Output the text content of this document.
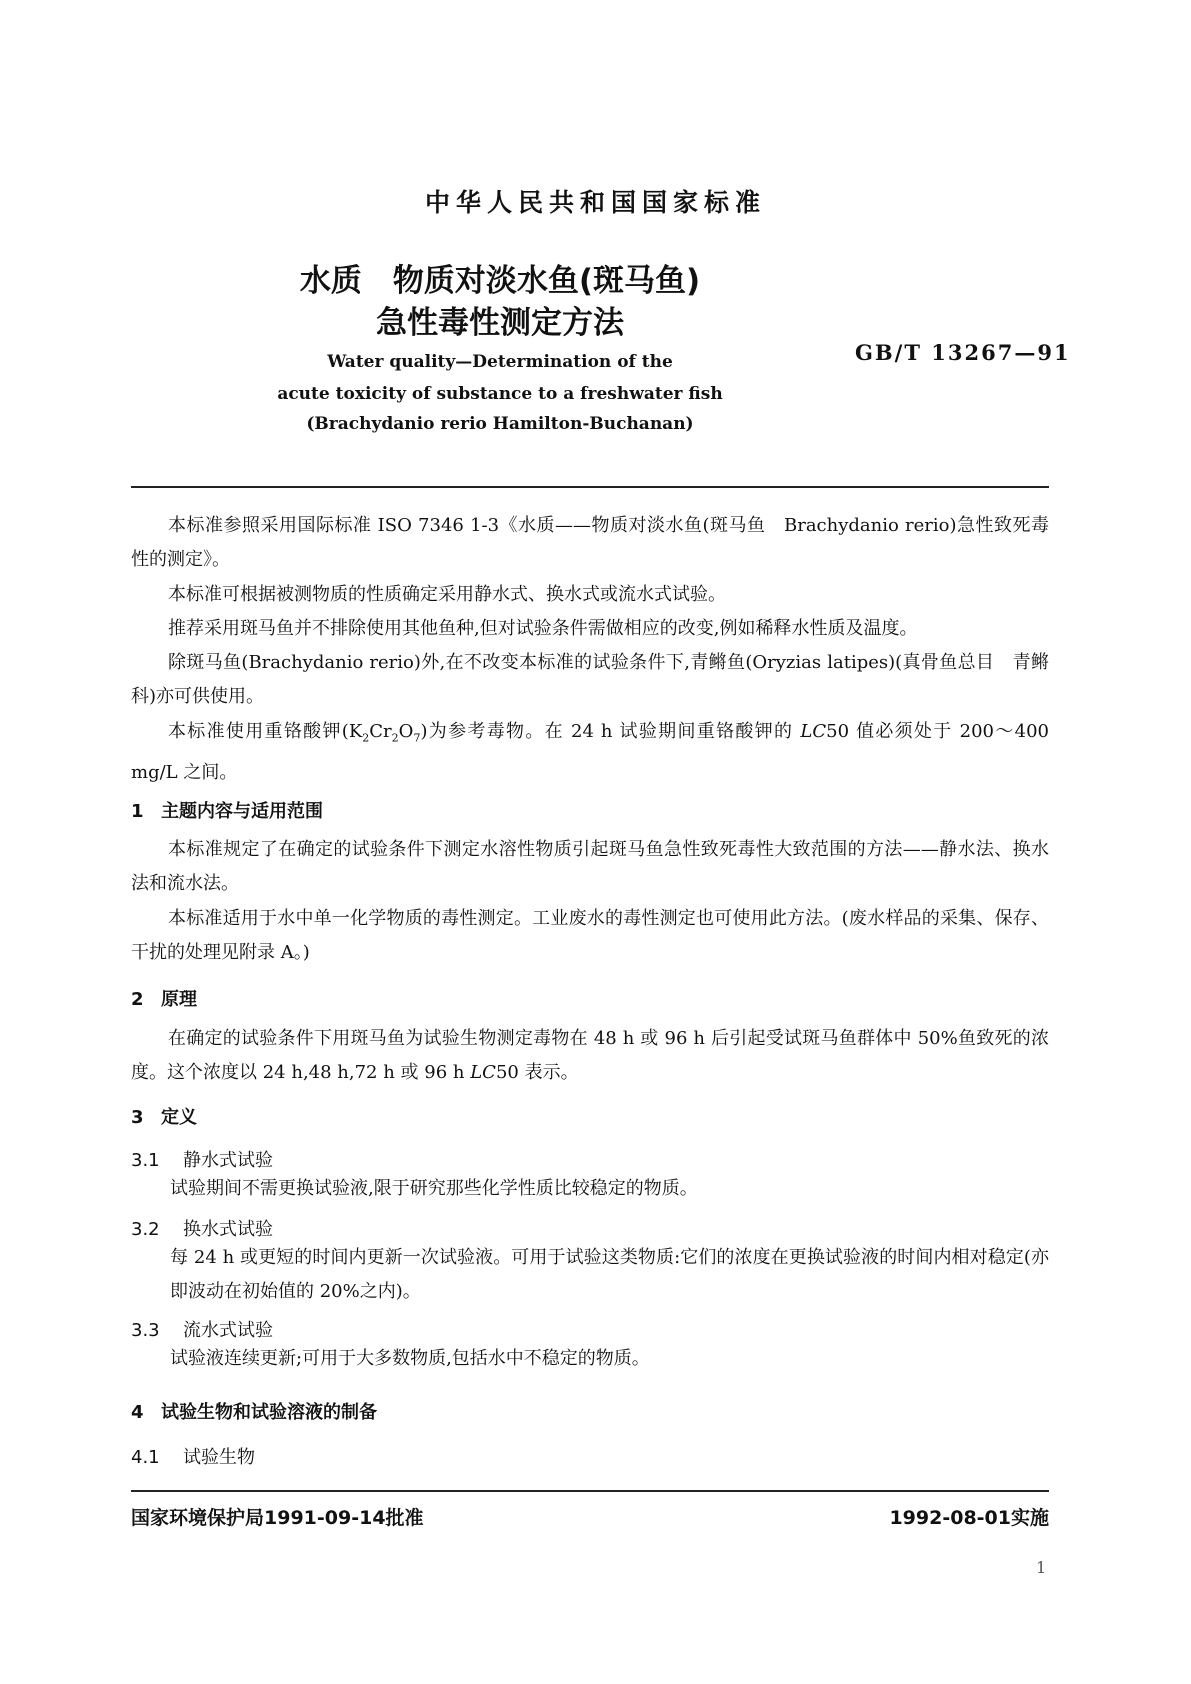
中华人民共和国国家标准
水质　物质对淡水鱼(斑马鱼)
急性毒性测定方法
GB/T 13267—91
Water quality—Determination of the
acute toxicity of substance to a freshwater fish
(Brachydanio rerio Hamilton-Buchanan)
本标准参照采用国际标准 ISO 7346 1-3《水质——物质对淡水鱼(斑马鱼　Brachydanio rerio)急性致死毒性的测定》。
本标准可根据被测物质的性质确定采用静水式、换水式或流水式试验。
推荐采用斑马鱼并不排除使用其他鱼种,但对试验条件需做相应的改变,例如稀释水性质及温度。
除斑马鱼(Brachydanio rerio)外,在不改变本标准的试验条件下,青鳉鱼(Oryzias latipes)(真骨鱼总目　青鳉科)亦可供使用。
本标准使用重铬酸钾$(K_2Cr_2O_7)$为参考毒物。在 24 h 试验期间重铬酸钾的 LC50 值必须处于 200～400 mg/L 之间。
1 主题内容与适用范围
本标准规定了在确定的试验条件下测定水溶性物质引起斑马鱼急性致死毒性大致范围的方法——静水法、换水法和流水法。
本标准适用于水中单一化学物质的毒性测定。工业废水的毒性测定也可使用此方法。(废水样品的采集、保存、干扰的处理见附录 A。)
2 原理
在确定的试验条件下用斑马鱼为试验生物测定毒物在 48 h 或 96 h 后引起受试斑马鱼群体中 50%鱼致死的浓度。这个浓度以 24 h,48 h,72 h 或 96 h LC50 表示。
3 定义
3.1 静水式试验
试验期间不需更换试验液,限于研究那些化学性质比较稳定的物质。
3.2 换水式试验
每 24 h 或更短的时间内更新一次试验液。可用于试验这类物质:它们的浓度在更换试验液的时间内相对稳定(亦即波动在初始值的 20%之内)。
3.3 流水式试验
试验液连续更新;可用于大多数物质,包括水中不稳定的物质。
4 试验生物和试验溶液的制备
4.1 试验生物
国家环境保护局1991-09-14批准	1992-08-01实施
1
